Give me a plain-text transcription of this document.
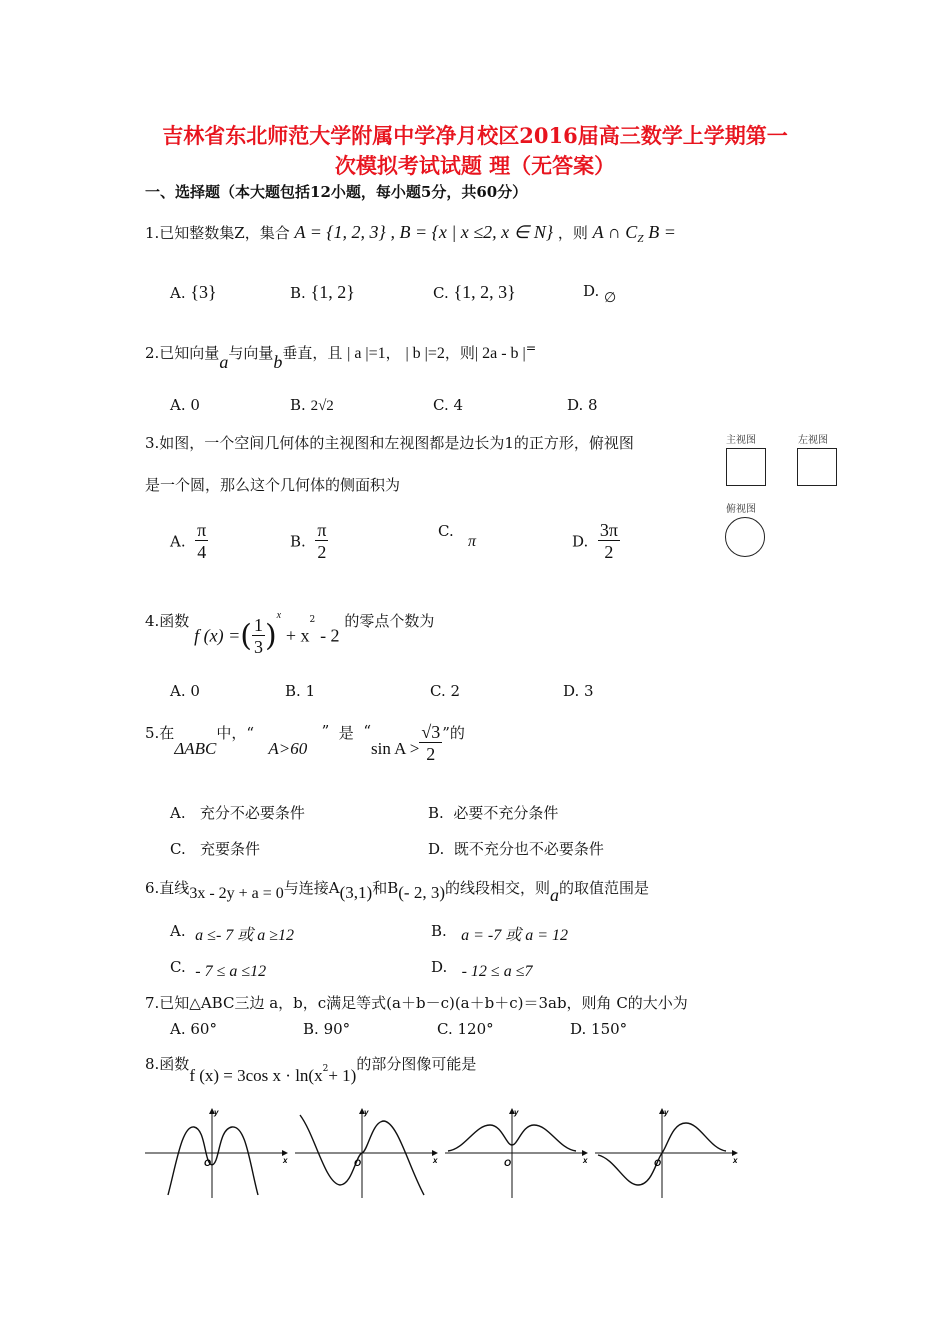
吉林省东北师范大学附属中学净月校区2016届高三数学上学期第一
次模拟考试试题 理（无答案）
一、选择题（本大题包括12小题，每小题5分，共60分）
1.已知整数集Z，集合 A = {1, 2, 3} , B = {x | x ≤2, x ∈ N} ，则 A ∩ $C_Z$ B =
A. {3}	B. {1, 2}	C. {1, 2, 3}	D. ∅
2.已知向量a与向量b垂直，且 | a |=1， | b |=2，则| 2a - b |=
A. 0	B. 2√2	C. 4	D. 8
3.如图，一个空间几何体的主视图和左视图都是边长为1的正方形，俯视图
是一个圆，那么这个几何体的侧面积为
主视图	左视图
俯视图
A. $\frac{\pi}{4}$	B. $\frac{\pi}{2}$	C.   π	D. $\frac{3\pi}{2}$
4.函数 f (x) =( $\frac{1}{3} )^x + x^2 - 2$ 的零点个数为
A. 0	B. 1	C. 2	D. 3
5.在ΔABC中，“   A>60   ” 是 “sin $A > \frac{√3}{2}$ ”的
A. 充分不必要条件	B. 必要不充分条件
C. 充要条件	D. 既不充分也不必要条件
6.直线3x - 2y + a = 0与连接A(3,1)和B(- 2, 3)的线段相交，则a的取值范围是
A. a ≤- 7 或 a ≥12	B. a = -7 或 a = 12
C. - 7 ≤ a ≤12	D. - 12 ≤ a ≤7
7.已知△ABC三边 a，b，c满足等式(a＋b－c)(a＋b＋c)＝3ab，则角 C的大小为
A. 60°	B. 90°	C. 120°	D. 150°
8.函数f (x) = 3cos $x \cdot \ln(x^2+ 1)$的部分图像可能是
O
y
x	O
y
x	O
y
x	O
y
x
